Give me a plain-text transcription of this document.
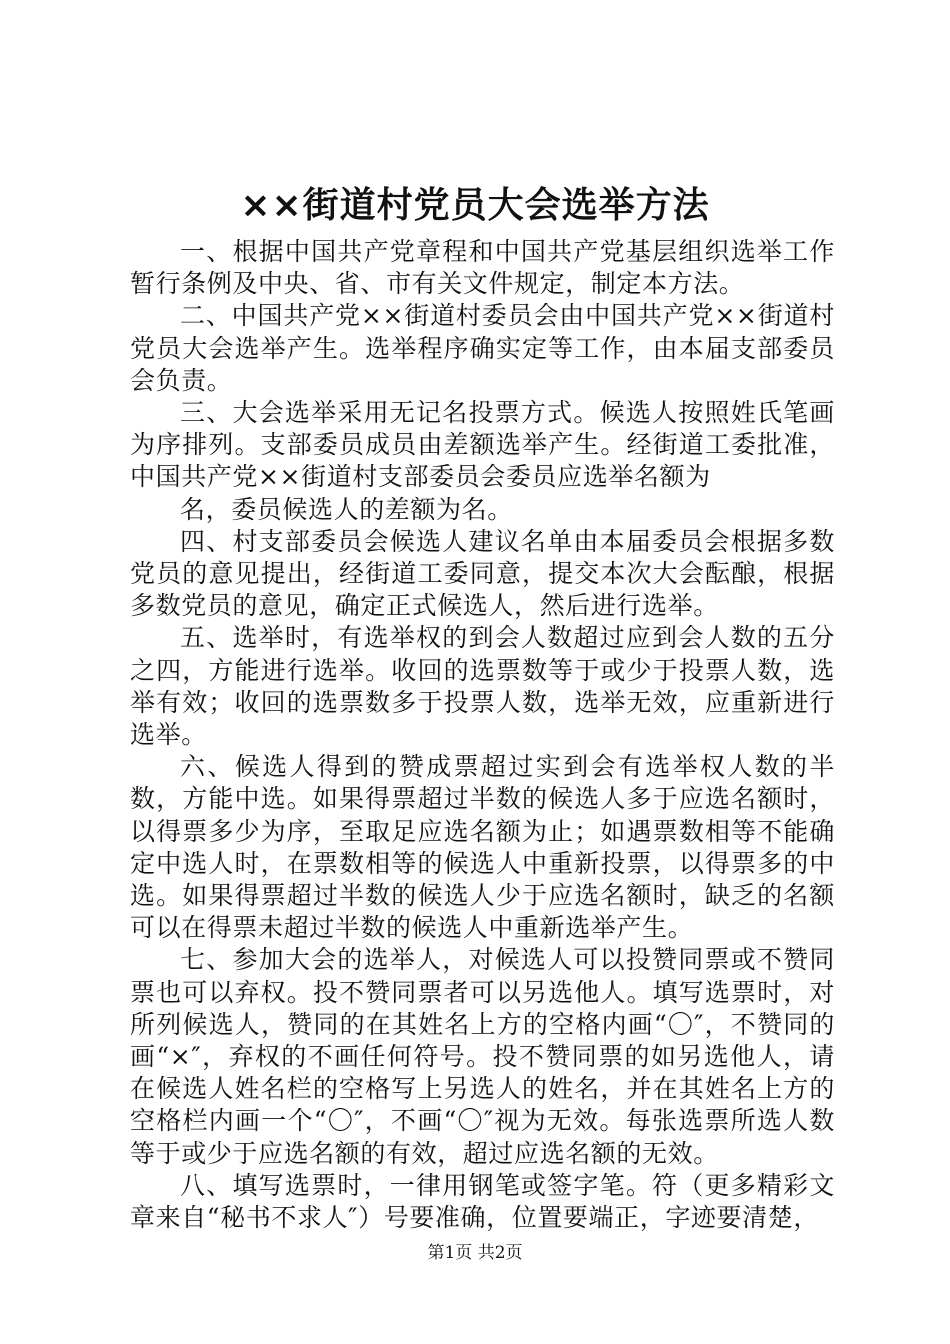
××街道村党员大会选举方法

一、根据中国共产党章程和中国共产党基层组织选举工作暂行条例及中央、省、市有关文件规定，制定本方法。

二、中国共产党××街道村委员会由中国共产党××街道村党员大会选举产生。选举程序确实定等工作，由本届支部委员会负责。

三、大会选举采用无记名投票方式。候选人按照姓氏笔画为序排列。支部委员成员由差额选举产生。经街道工委批准，中国共产党××街道村支部委员会委员应选举名额为

名，委员候选人的差额为名。

四、村支部委员会候选人建议名单由本届委员会根据多数党员的意见提出，经街道工委同意，提交本次大会酝酿，根据多数党员的意见，确定正式候选人，然后进行选举。

五、选举时，有选举权的到会人数超过应到会人数的五分之四，方能进行选举。收回的选票数等于或少于投票人数，选举有效；收回的选票数多于投票人数，选举无效，应重新进行选举。

六、候选人得到的赞成票超过实到会有选举权人数的半数，方能中选。如果得票超过半数的候选人多于应选名额时，以得票多少为序，至取足应选名额为止；如遇票数相等不能确定中选人时，在票数相等的候选人中重新投票，以得票多的中选。如果得票超过半数的候选人少于应选名额时，缺乏的名额可以在得票未超过半数的候选人中重新选举产生。

七、参加大会的选举人，对候选人可以投赞同票或不赞同票也可以弃权。投不赞同票者可以另选他人。填写选票时，对所列候选人，赞同的在其姓名上方的空格内画“〇″，不赞同的画“×″，弃权的不画任何符号。投不赞同票的如另选他人，请在候选人姓名栏的空格写上另选人的姓名，并在其姓名上方的空格栏内画一个“〇″，不画“〇″视为无效。每张选票所选人数等于或少于应选名额的有效，超过应选名额的无效。

八、填写选票时，一律用钢笔或签字笔。符（更多精彩文章来自“秘书不求人″）号要准确，位置要端正，字迹要清楚，

第1页 共2页
